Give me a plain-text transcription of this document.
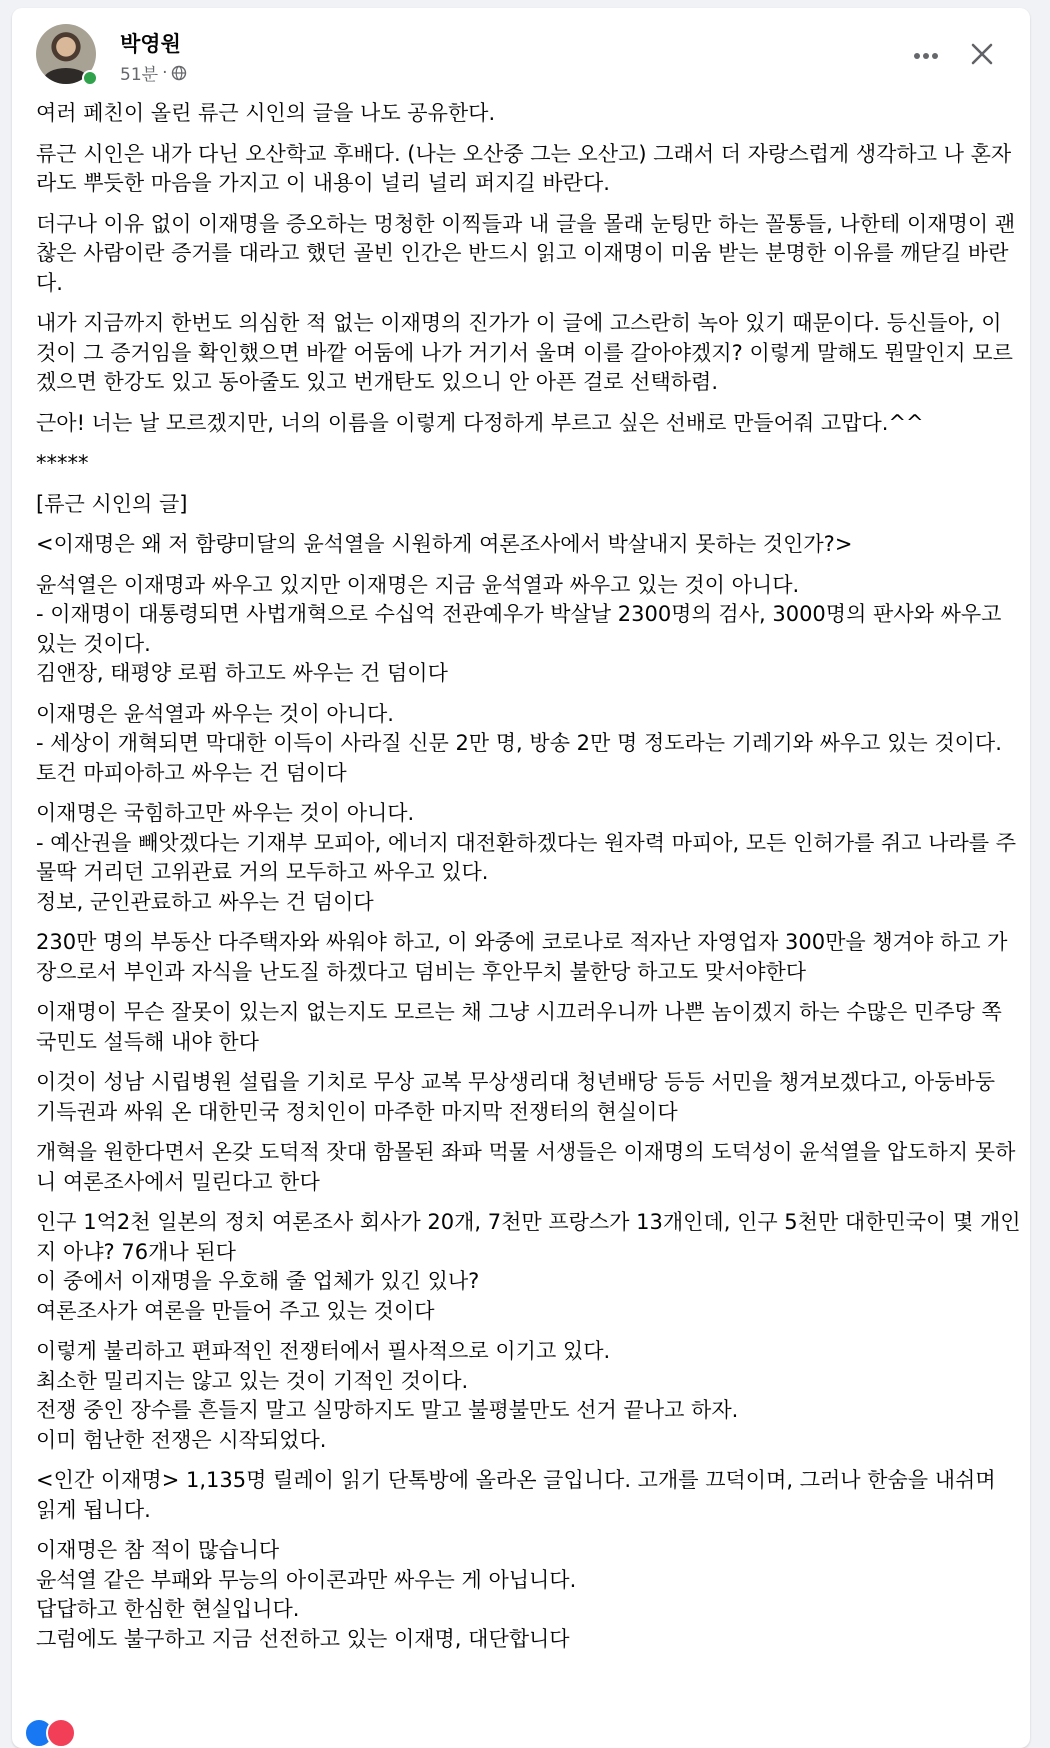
박영원
51분 ·

여러 페친이 올린 류근 시인의 글을 나도 공유한다.

류근 시인은 내가 다닌 오산학교 후배다. (나는 오산중 그는 오산고) 그래서 더 자랑스럽게 생각하고 나 혼자라도 뿌듯한 마음을 가지고 이 내용이 널리 널리 퍼지길 바란다.

더구나 이유 없이 이재명을 증오하는 멍청한 이찍들과 내 글을 몰래 눈팅만 하는 꼴통들, 나한테 이재명이 괜찮은 사람이란 증거를 대라고 했던 골빈 인간은 반드시 읽고 이재명이 미움 받는 분명한 이유를 깨닫길 바란다.

내가 지금까지 한번도 의심한 적 없는 이재명의 진가가 이 글에 고스란히 녹아 있기 때문이다. 등신들아, 이것이 그 증거임을 확인했으면 바깥 어둠에 나가 거기서 울며 이를 갈아야겠지? 이렇게 말해도 뭔말인지 모르겠으면 한강도 있고 동아줄도 있고 번개탄도 있으니 안 아픈 걸로 선택하렴.

근아! 너는 날 모르겠지만, 너의 이름을 이렇게 다정하게 부르고 싶은 선배로 만들어줘 고맙다.^^

*****

[류근 시인의 글]

<이재명은 왜 저 함량미달의 윤석열을 시원하게 여론조사에서 박살내지 못하는 것인가?>

윤석열은 이재명과 싸우고 있지만 이재명은 지금 윤석열과 싸우고 있는 것이 아니다.
- 이재명이 대통령되면 사법개혁으로 수십억 전관예우가 박살날 2300명의 검사, 3000명의 판사와 싸우고 있는 것이다.
김앤장, 태평양 로펌 하고도 싸우는 건 덤이다

이재명은 윤석열과 싸우는 것이 아니다.
- 세상이 개혁되면 막대한 이득이 사라질 신문 2만 명, 방송 2만 명 정도라는 기레기와 싸우고 있는 것이다.
토건 마피아하고 싸우는 건 덤이다

이재명은 국힘하고만 싸우는 것이 아니다.
- 예산권을 빼앗겠다는 기재부 모피아, 에너지 대전환하겠다는 원자력 마피아, 모든 인허가를 쥐고 나라를 주물딱 거리던 고위관료 거의 모두하고 싸우고 있다.
정보, 군인관료하고 싸우는 건 덤이다

230만 명의 부동산 다주택자와 싸워야 하고, 이 와중에 코로나로 적자난 자영업자 300만을 챙겨야 하고 가장으로서 부인과 자식을 난도질 하겠다고 덤비는 후안무치 불한당 하고도 맞서야한다

이재명이 무슨 잘못이 있는지 없는지도 모르는 채 그냥 시끄러우니까 나쁜 놈이겠지 하는 수많은 민주당 쪽 국민도 설득해 내야 한다

이것이 성남 시립병원 설립을 기치로 무상 교복 무상생리대 청년배당 등등 서민을 챙겨보겠다고, 아둥바둥 기득권과 싸워 온 대한민국 정치인이 마주한 마지막 전쟁터의 현실이다

개혁을 원한다면서 온갖 도덕적 잣대 함몰된 좌파 먹물 서생들은 이재명의 도덕성이 윤석열을 압도하지 못하니 여론조사에서 밀린다고 한다

인구 1억2천 일본의 정치 여론조사 회사가 20개, 7천만 프랑스가 13개인데, 인구 5천만 대한민국이 몇 개인지 아냐? 76개나 된다
이 중에서 이재명을 우호해 줄 업체가 있긴 있나?
여론조사가 여론을 만들어 주고 있는 것이다

이렇게 불리하고 편파적인 전쟁터에서 필사적으로 이기고 있다.
최소한 밀리지는 않고 있는 것이 기적인 것이다.
전쟁 중인 장수를 흔들지 말고 실망하지도 말고 불평불만도 선거 끝나고 하자.
이미 험난한 전쟁은 시작되었다.

<인간 이재명> 1,135명 릴레이 읽기 단톡방에 올라온 글입니다. 고개를 끄덕이며, 그러나 한숨을 내쉬며 읽게 됩니다.

이재명은 참 적이 많습니다
윤석열 같은 부패와 무능의 아이콘과만 싸우는 게 아닙니다.
답답하고 한심한 현실입니다.
그럼에도 불구하고 지금 선전하고 있는 이재명, 대단합니다
